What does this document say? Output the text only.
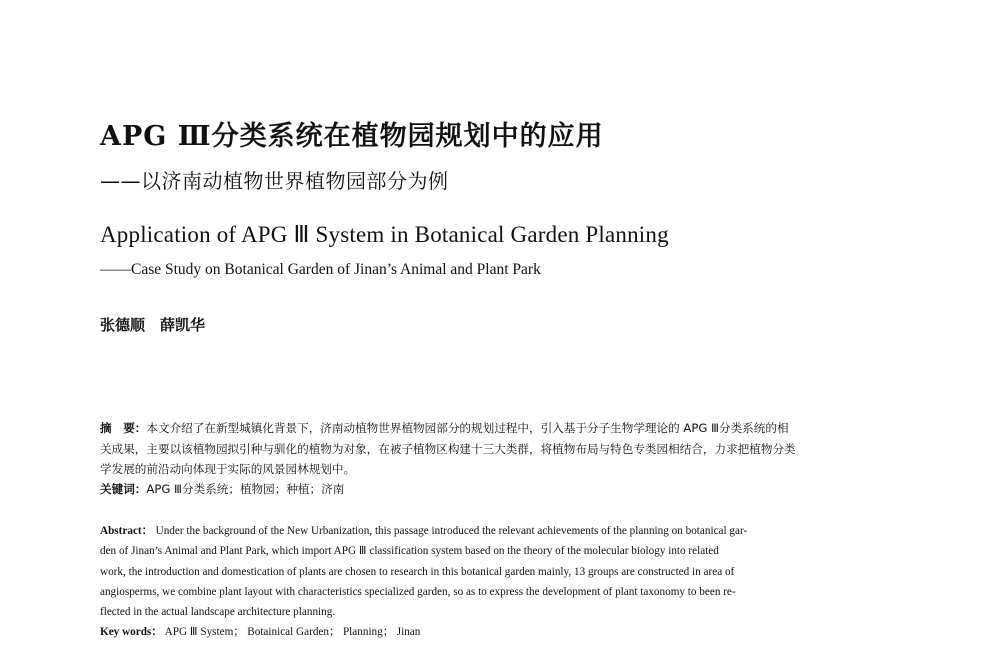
APG Ⅲ分类系统在植物园规划中的应用
——以济南动植物世界植物园部分为例
Application of APG Ⅲ System in Botanical Garden Planning
——Case Study on Botanical Garden of Jinan’s Animal and Plant Park
张德顺　薛凯华
摘　要：本文介绍了在新型城镇化背景下，济南动植物世界植物园部分的规划过程中，引入基于分子生物学理论的 APG Ⅲ分类系统的相
关成果，主要以该植物园拟引种与驯化的植物为对象，在被子植物区构建十三大类群，将植物布局与特色专类园相结合，力求把植物分类
学发展的前沿动向体现于实际的风景园林规划中。
关键词：APG Ⅲ分类系统；植物园；种植；济南
Abstract： Under the background of the New Urbanization, this passage introduced the relevant achievements of the planning on botanical gar-
den of Jinan’s Animal and Plant Park, which import APG Ⅲ classification system based on the theory of the molecular biology into related
work, the introduction and domestication of plants are chosen to research in this botanical garden mainly, 13 groups are constructed in area of
angiosperms, we combine plant layout with characteristics specialized garden, so as to express the development of plant taxonomy to been re-
flected in the actual landscape architecture planning.
Key words： APG Ⅲ System； Botainical Garden； Planning； Jinan
